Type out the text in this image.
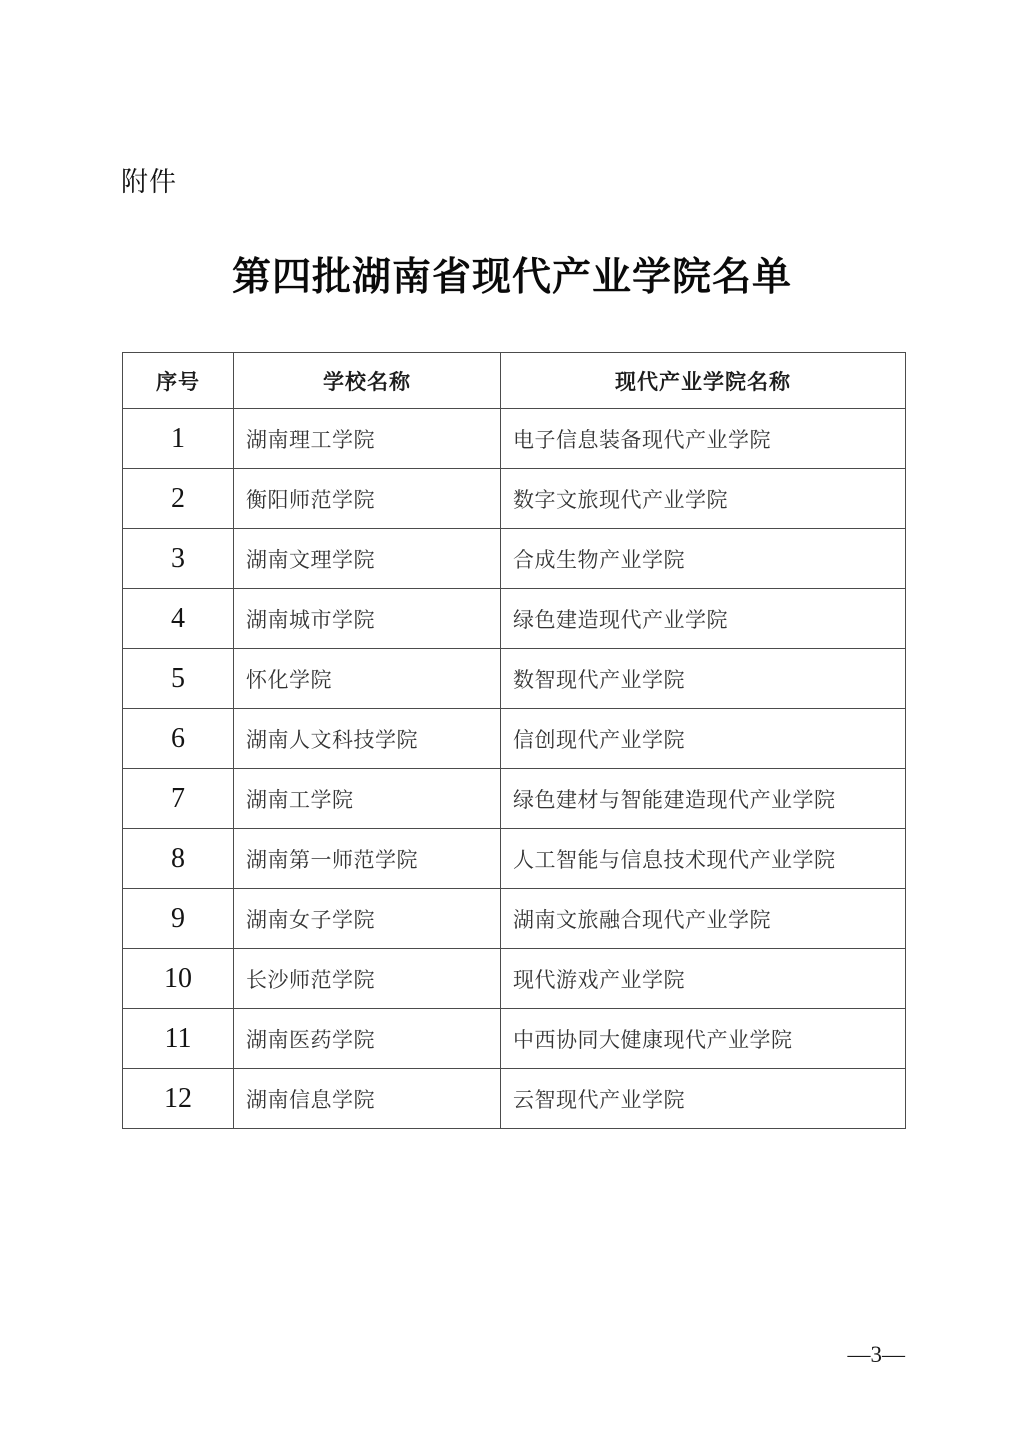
附件
第四批湖南省现代产业学院名单
序号	学校名称	现代产业学院名称
1	湖南理工学院	电子信息装备现代产业学院
2	衡阳师范学院	数字文旅现代产业学院
3	湖南文理学院	合成生物产业学院
4	湖南城市学院	绿色建造现代产业学院
5	怀化学院	数智现代产业学院
6	湖南人文科技学院	信创现代产业学院
7	湖南工学院	绿色建材与智能建造现代产业学院
8	湖南第一师范学院	人工智能与信息技术现代产业学院
9	湖南女子学院	湖南文旅融合现代产业学院
10	长沙师范学院	现代游戏产业学院
11	湖南医药学院	中西协同大健康现代产业学院
12	湖南信息学院	云智现代产业学院
—3—
